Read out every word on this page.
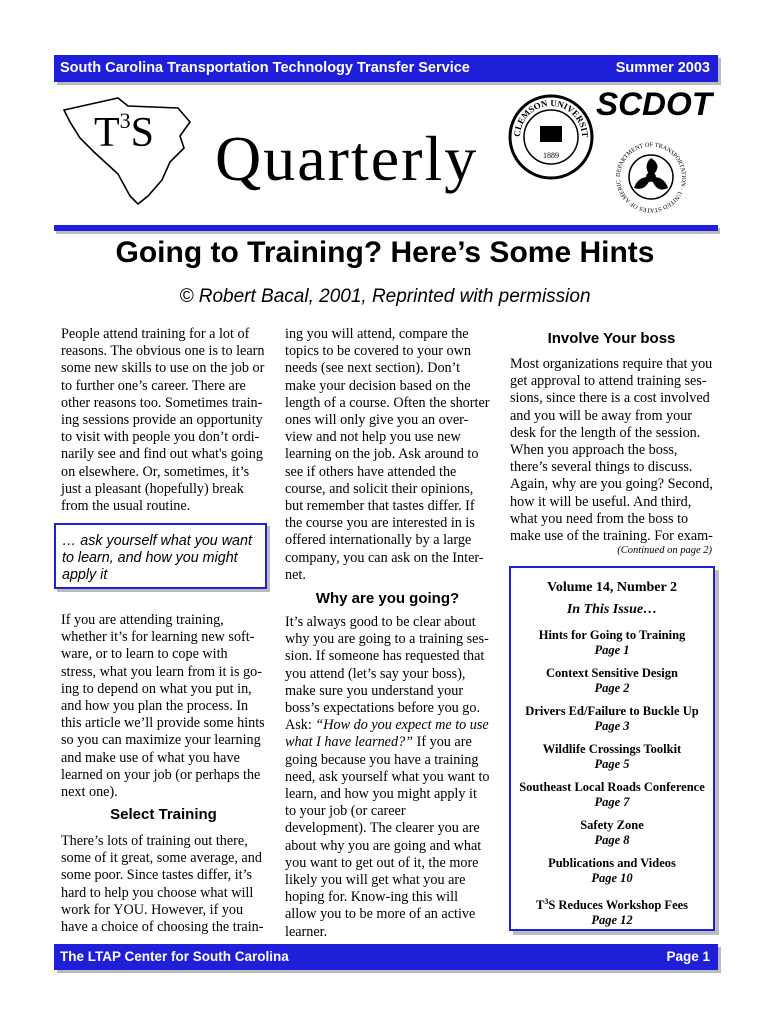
South Carolina Transportation Technology Transfer Service	Summer 2003
$T^3S$ Quarterly	CLEMSON UNIVERSIT
1889
SCDOT
DEPARTMENT OF TRANSPORTATION · UNITED STATES OF AMERIC
Going to Training? Here’s Some Hints
© Robert Bacal, 2001, Reprinted with permission

People attend training for a lot of reasons. The obvious one is to learn some new skills to use on the job or to further one’s career. There are other reasons too. Sometimes train-ing sessions provide an opportunity to visit with people you don’t ordi-narily see and find out what's going on elsewhere. Or, sometimes, it’s just a pleasant (hopefully) break from the usual routine.

… ask yourself what you want to learn, and how you might apply it

If you are attending training, whether it’s for learning new soft-ware, or to learn to cope with stress, what you learn from it is go-ing to depend on what you put in, and how you plan the process. In this article we’ll provide some hints so you can maximize your learning and make use of what you have learned on your job (or perhaps the next one).

Select Training

There’s lots of training out there, some of it great, some average, and some poor. Since tastes differ, it’s hard to help you choose what will work for YOU. However, if you have a choice of choosing the train-

ing you will attend, compare the topics to be covered to your own needs (see next section). Don’t make your decision based on the length of a course. Often the shorter ones will only give you an over-view and not help you use new learning on the job. Ask around to see if others have attended the course, and solicit their opinions, but remember that tastes differ. If the course you are interested in is offered internationally by a large company, you can ask on the Inter-net.

Why are you going?

It’s always good to be clear about why you are going to a training ses-sion. If someone has requested that you attend (let’s say your boss), make sure you understand your boss’s expectations before you go. Ask: “How do you expect me to use what I have learned?” If you are going because you have a training need, ask yourself what you want to learn, and how you might apply it to your job (or career development). The clearer you are about why you are going and what you want to get out of it, the more likely you will get what you are hoping for. Know-ing this will allow you to be more of an active learner.

Involve Your boss

Most organizations require that you get approval to attend training ses-sions, since there is a cost involved and you will be away from your desk for the length of the session. When you approach the boss, there’s several things to discuss. Again, why are you going? Second, how it will be useful. And third, what you need from the boss to make use of the training. For exam-

(Continued on page 2)
Volume 14, Number 2
In This Issue…
Hints for Going to Training
Page 1
Context Sensitive Design
Page 2
Drivers Ed/Failure to Buckle Up
Page 3
Wildlife Crossings Toolkit
Page 5
Southeast Local Roads Conference
Page 7
Safety Zone
Page 8
Publications and Videos
Page 10
$T^3S$ Reduces Workshop Fees
Page 12
The LTAP Center for South Carolina	Page 1
